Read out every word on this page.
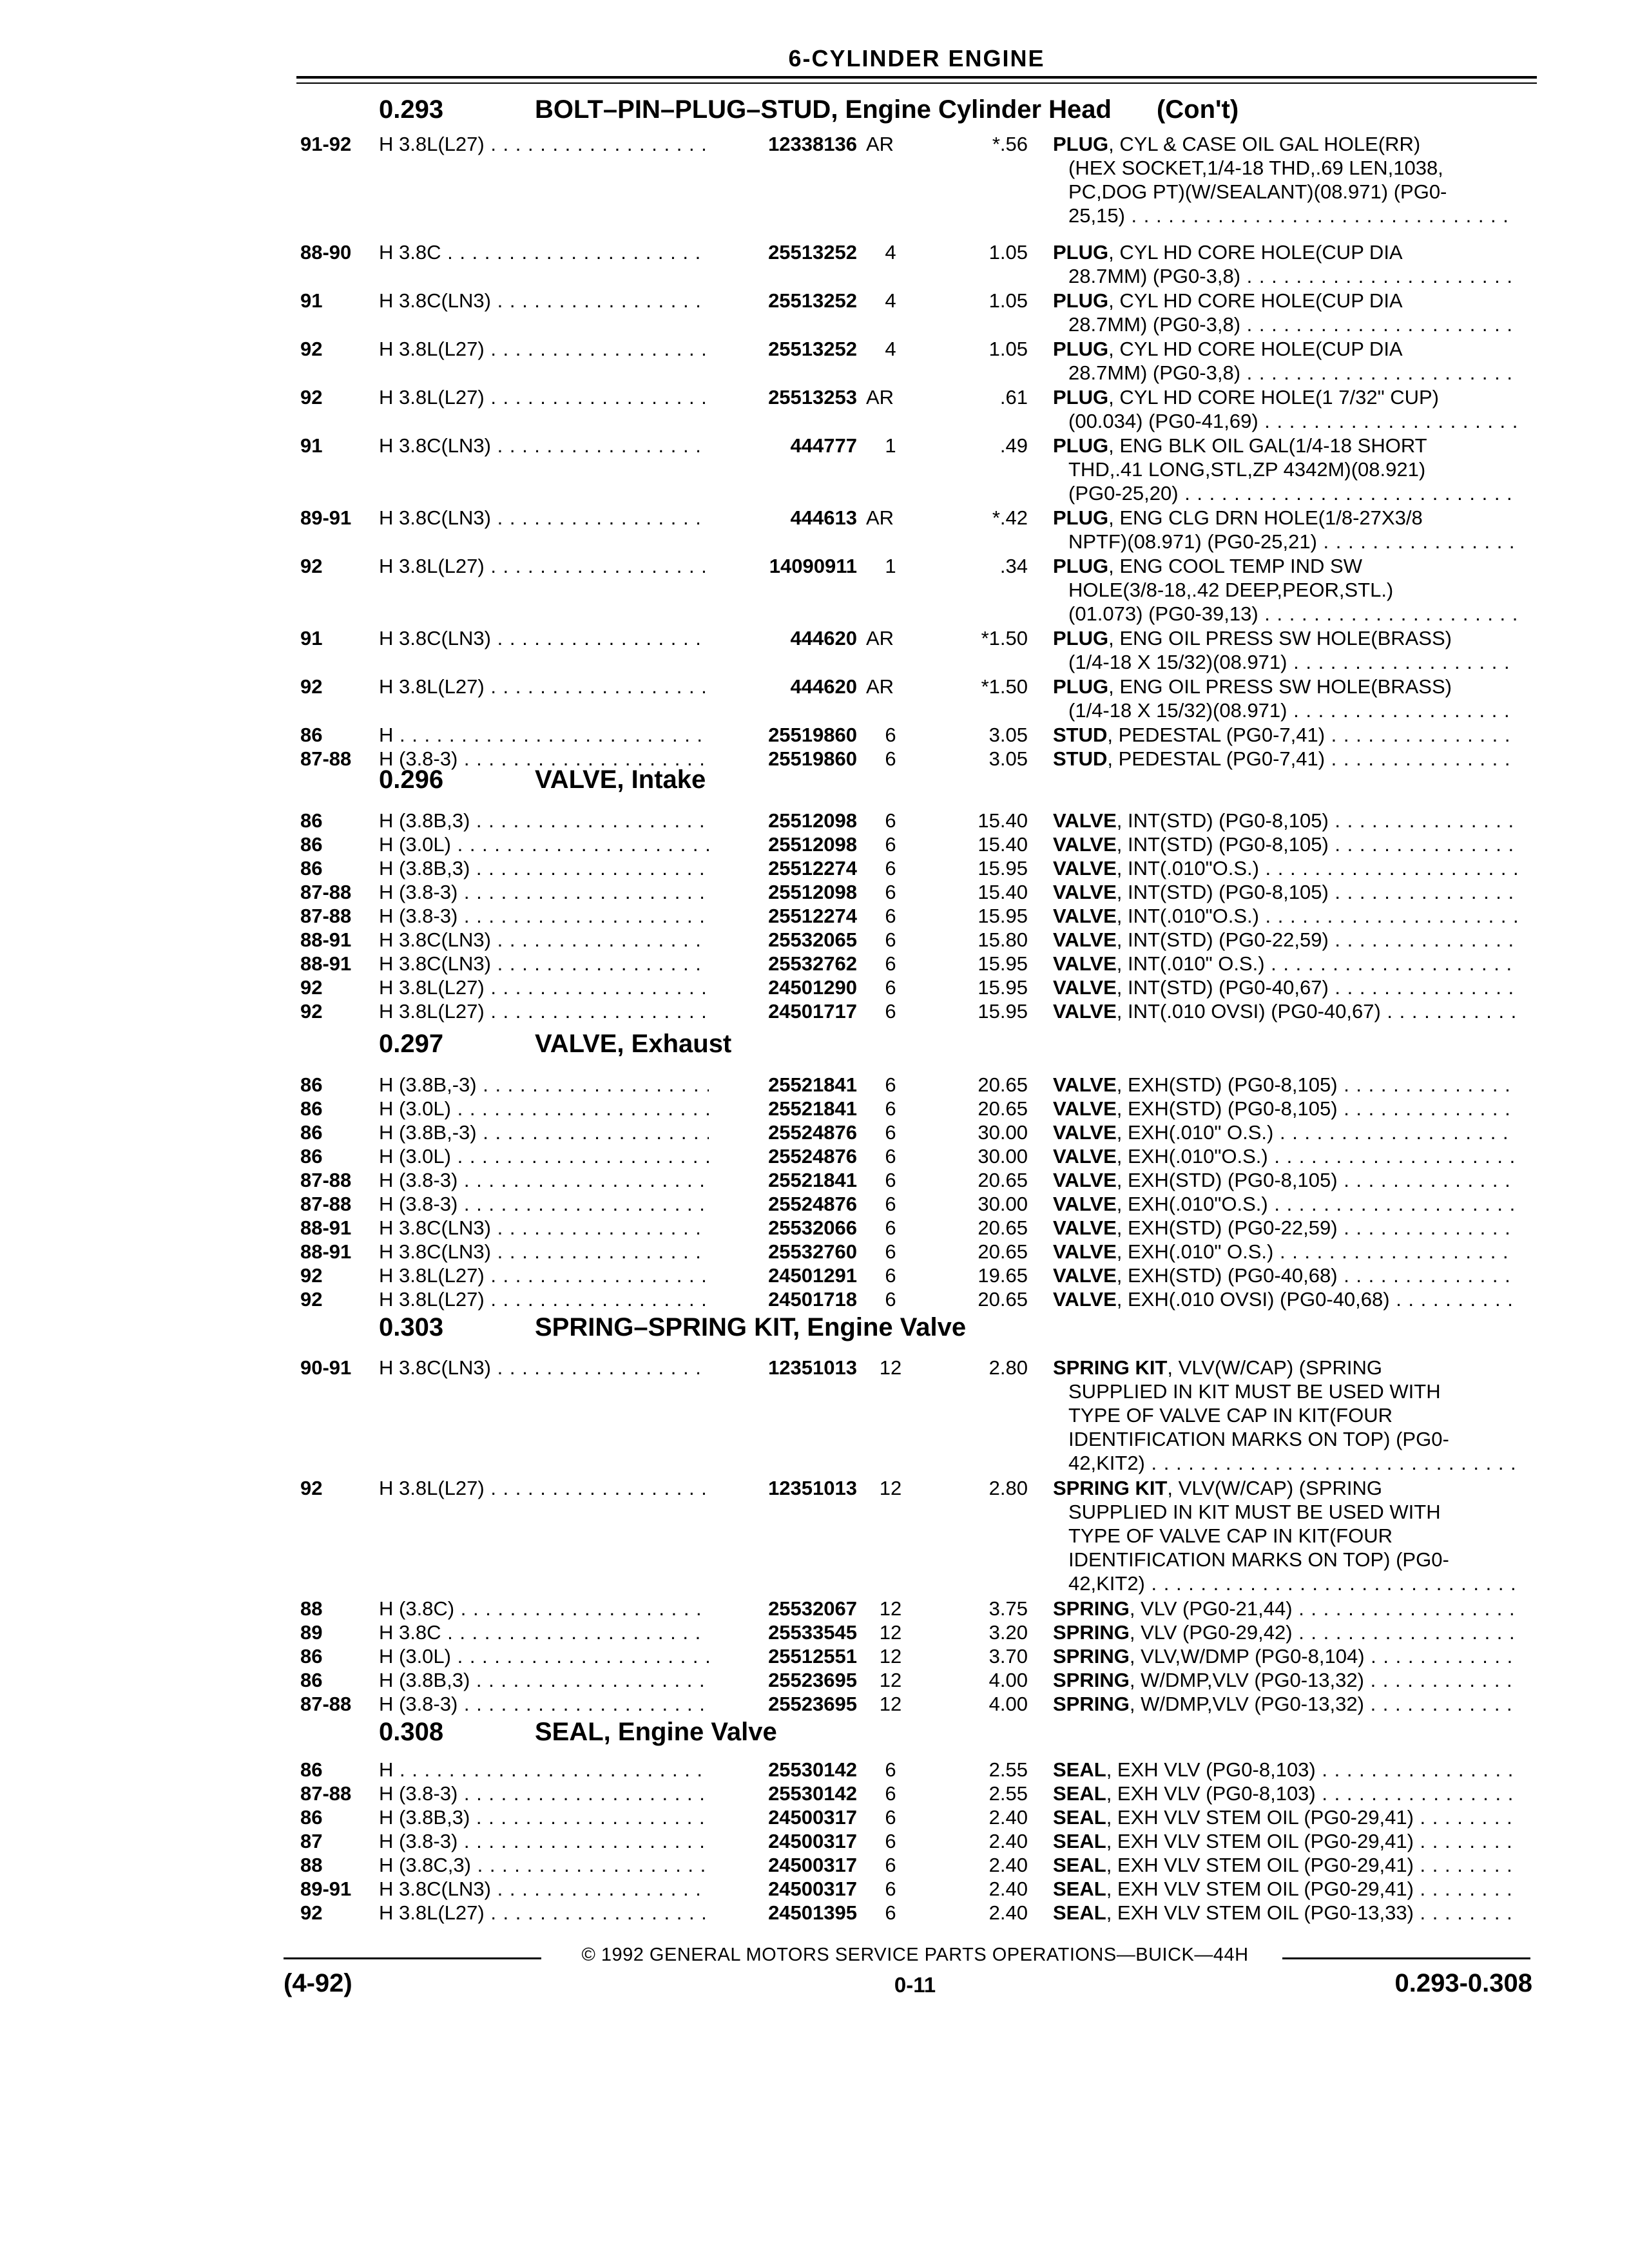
6-CYLINDER ENGINE
0.293	BOLT–PIN–PLUG–STUD, Engine Cylinder Head (Con't)
0.296	VALVE, Intake
0.297	VALVE, Exhaust
0.303	SPRING–SPRING KIT, Engine Valve
0.308	SEAL, Engine Valve
91-92 H 3.8L(L27) . . .	12338136 AR	*.56 PLUG, CYL & CASE OIL GAL HOLE(RR)
(HEX SOCKET,1/4-18 THD,.69 LEN,1038,
PC,DOG PT)(W/SEALANT)(08.971) (PG0-
25,15) . . .
88-90 H 3.8C . . .	25513252	4	1.05 PLUG, CYL HD CORE HOLE(CUP DIA
28.7MM) (PG0-3,8) . . .
91	H 3.8C(LN3) . . .	25513252	4	1.05 PLUG, CYL HD CORE HOLE(CUP DIA
28.7MM) (PG0-3,8) . . .
92	H 3.8L(L27) . . .	25513252	4	1.05 PLUG, CYL HD CORE HOLE(CUP DIA
28.7MM) (PG0-3,8) . . .
92	H 3.8L(L27) . . .	25513253 AR	.61 PLUG, CYL HD CORE HOLE(1 7/32" CUP)
(00.034) (PG0-41,69) . . .
91	H 3.8C(LN3) . . .	444777	1	.49 PLUG, ENG BLK OIL GAL(1/4-18 SHORT
THD,.41 LONG,STL,ZP 4342M)(08.921)
(PG0-25,20) . . .
89-91 H 3.8C(LN3) . . .	444613 AR	*.42 PLUG, ENG CLG DRN HOLE(1/8-27X3/8
NPTF)(08.971) (PG0-25,21) . . .
92	H 3.8L(L27) . . .	14090911	1	.34 PLUG, ENG COOL TEMP IND SW
HOLE(3/8-18,.42 DEEP,PEOR,STL.)
(01.073) (PG0-39,13) . . .
91	H 3.8C(LN3) . . .	444620 AR	*1.50 PLUG, ENG OIL PRESS SW HOLE(BRASS)
(1/4-18 X 15/32)(08.971) . . .
92	H 3.8L(L27) . . .	444620 AR	*1.50 PLUG, ENG OIL PRESS SW HOLE(BRASS)
(1/4-18 X 15/32)(08.971) . . .
86	H . . .	25519860	6	3.05 STUD, PEDESTAL (PG0-7,41) . . .
87-88 H (3.8-3) . . .	25519860	6	3.05 STUD, PEDESTAL (PG0-7,41) . . .
86	H (3.8B,3) . . .	25512098	6	15.40 VALVE, INT(STD) (PG0-8,105) . . .
86	H (3.0L) . . .	25512098	6	15.40 VALVE, INT(STD) (PG0-8,105) . . .
86	H (3.8B,3) . . .	25512274	6	15.95 VALVE, INT(.010"O.S.) . . .
87-88 H (3.8-3) . . .	25512098	6	15.40 VALVE, INT(STD) (PG0-8,105) . . .
87-88 H (3.8-3) . . .	25512274	6	15.95 VALVE, INT(.010"O.S.) . . .
88-91 H 3.8C(LN3) . . .	25532065	6	15.80 VALVE, INT(STD) (PG0-22,59) . . .
88-91 H 3.8C(LN3) . . .	25532762	6	15.95 VALVE, INT(.010" O.S.) . . .
92	H 3.8L(L27) . . .	24501290	6	15.95 VALVE, INT(STD) (PG0-40,67) . . .
92	H 3.8L(L27) . . .	24501717	6	15.95 VALVE, INT(.010 OVSI) (PG0-40,67) . . .
86	H (3.8B,-3) . . .	25521841	6	20.65 VALVE, EXH(STD) (PG0-8,105) . . .
86	H (3.0L) . . .	25521841	6	20.65 VALVE, EXH(STD) (PG0-8,105) . . .
86	H (3.8B,-3) . . .	25524876	6	30.00 VALVE, EXH(.010" O.S.) . . .
86	H (3.0L) . . .	25524876	6	30.00 VALVE, EXH(.010"O.S.) . . .
87-88 H (3.8-3) . . .	25521841	6	20.65 VALVE, EXH(STD) (PG0-8,105) . . .
87-88 H (3.8-3) . . .	25524876	6	30.00 VALVE, EXH(.010"O.S.) . . .
88-91 H 3.8C(LN3) . . .	25532066	6	20.65 VALVE, EXH(STD) (PG0-22,59) . . .
88-91 H 3.8C(LN3) . . .	25532760	6	20.65 VALVE, EXH(.010" O.S.) . . .
92	H 3.8L(L27) . . .	24501291	6	19.65 VALVE, EXH(STD) (PG0-40,68) . . .
92	H 3.8L(L27) . . .	24501718	6	20.65 VALVE, EXH(.010 OVSI) (PG0-40,68) . . .
90-91 H 3.8C(LN3) . . .	12351013	12	2.80 SPRING KIT, VLV(W/CAP) (SPRING
SUPPLIED IN KIT MUST BE USED WITH
TYPE OF VALVE CAP IN KIT(FOUR
IDENTIFICATION MARKS ON TOP) (PG0-
42,KIT2) . . .
92	H 3.8L(L27) . . .	12351013	12	2.80 SPRING KIT, VLV(W/CAP) (SPRING
SUPPLIED IN KIT MUST BE USED WITH
TYPE OF VALVE CAP IN KIT(FOUR
IDENTIFICATION MARKS ON TOP) (PG0-
42,KIT2) . . .
88	H (3.8C) . . .	25532067	12	3.75 SPRING, VLV (PG0-21,44) . . .
89	H 3.8C . . .	25533545	12	3.20 SPRING, VLV (PG0-29,42) . . .
86	H (3.0L) . . .	25512551	12	3.70 SPRING, VLV,W/DMP (PG0-8,104) . . .
86	H (3.8B,3) . . .	25523695	12	4.00 SPRING, W/DMP,VLV (PG0-13,32) . . .
87-88 H (3.8-3) . . .	25523695	12	4.00 SPRING, W/DMP,VLV (PG0-13,32) . . .
86	H . . .	25530142	6	2.55 SEAL, EXH VLV (PG0-8,103) . . .
87-88 H (3.8-3) . . .	25530142	6	2.55 SEAL, EXH VLV (PG0-8,103) . . .
86	H (3.8B,3) . . .	24500317	6	2.40 SEAL, EXH VLV STEM OIL (PG0-29,41) . . .
87	H (3.8-3) . . .	24500317	6	2.40 SEAL, EXH VLV STEM OIL (PG0-29,41) . . .
88	H (3.8C,3) . . .	24500317	6	2.40 SEAL, EXH VLV STEM OIL (PG0-29,41) . . .
89-91 H 3.8C(LN3) . . .	24500317	6	2.40 SEAL, EXH VLV STEM OIL (PG0-29,41) . . .
92	H 3.8L(L27) . . .	24501395	6	2.40 SEAL, EXH VLV STEM OIL (PG0-13,33) . . .
© 1992 GENERAL MOTORS SERVICE PARTS OPERATIONS—BUICK—44H
(4-92)	0-11	0.293-0.308
